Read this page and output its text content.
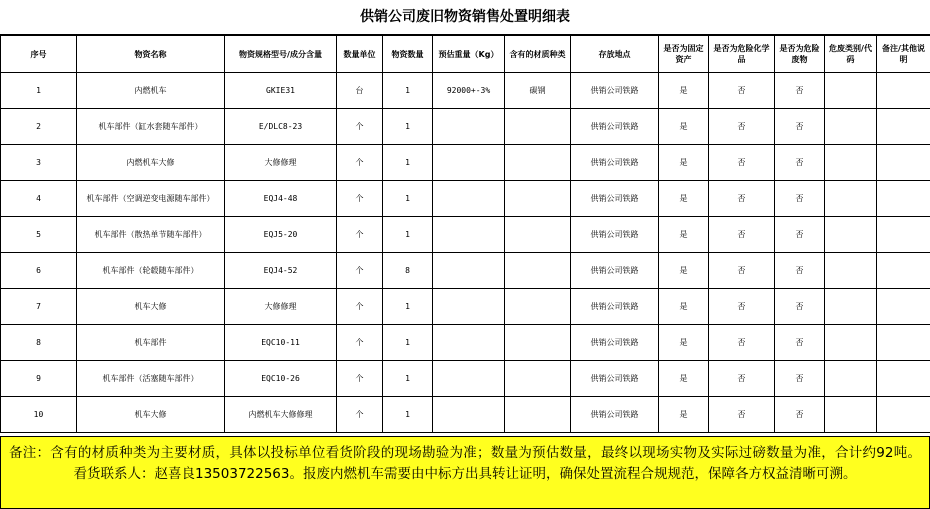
供销公司废旧物资销售处置明细表
序号	物资名称	物资规格型号/成分含量	数量单位	物资数量	预估重量（Kg）	含有的材质种类	存放地点	是否为固定资产	是否为危险化学品	是否为危险废物	危废类别/代码	备注/其他说明
1	内燃机车	GKIE31	台	1	92000+-3%	碳钢	供销公司铁路	是	否	否		
2	机车部件（缸水套随车部件）	E/DLC8-23	个	1			供销公司铁路	是	否	否		
3	内燃机车大修	大修修理	个	1			供销公司铁路	是	否	否		
4	机车部件（空调逆变电源随车部件）	EQJ4-48	个	1			供销公司铁路	是	否	否		
5	机车部件（散热单节随车部件）	EQJ5-20	个	1			供销公司铁路	是	否	否		
6	机车部件（轮毂随车部件）	EQJ4-52	个	8			供销公司铁路	是	否	否		
7	机车大修	大修修理	个	1			供销公司铁路	是	否	否		
8	机车部件	EQC10-11	个	1			供销公司铁路	是	否	否		
9	机车部件（活塞随车部件）	EQC10-26	个	1			供销公司铁路	是	否	否		
10	机车大修	内燃机车大修修理	个	1			供销公司铁路	是	否	否		
备注：含有的材质种类为主要材质，具体以投标单位看货阶段的现场勘验为准；数量为预估数量，最终以现场实物及实际过磅数量为准，合计约92吨。 看货联系人：赵喜良13503722563。报废内燃机车需要由中标方出具转让证明，确保处置流程合规规范，保障各方权益清晰可溯。
